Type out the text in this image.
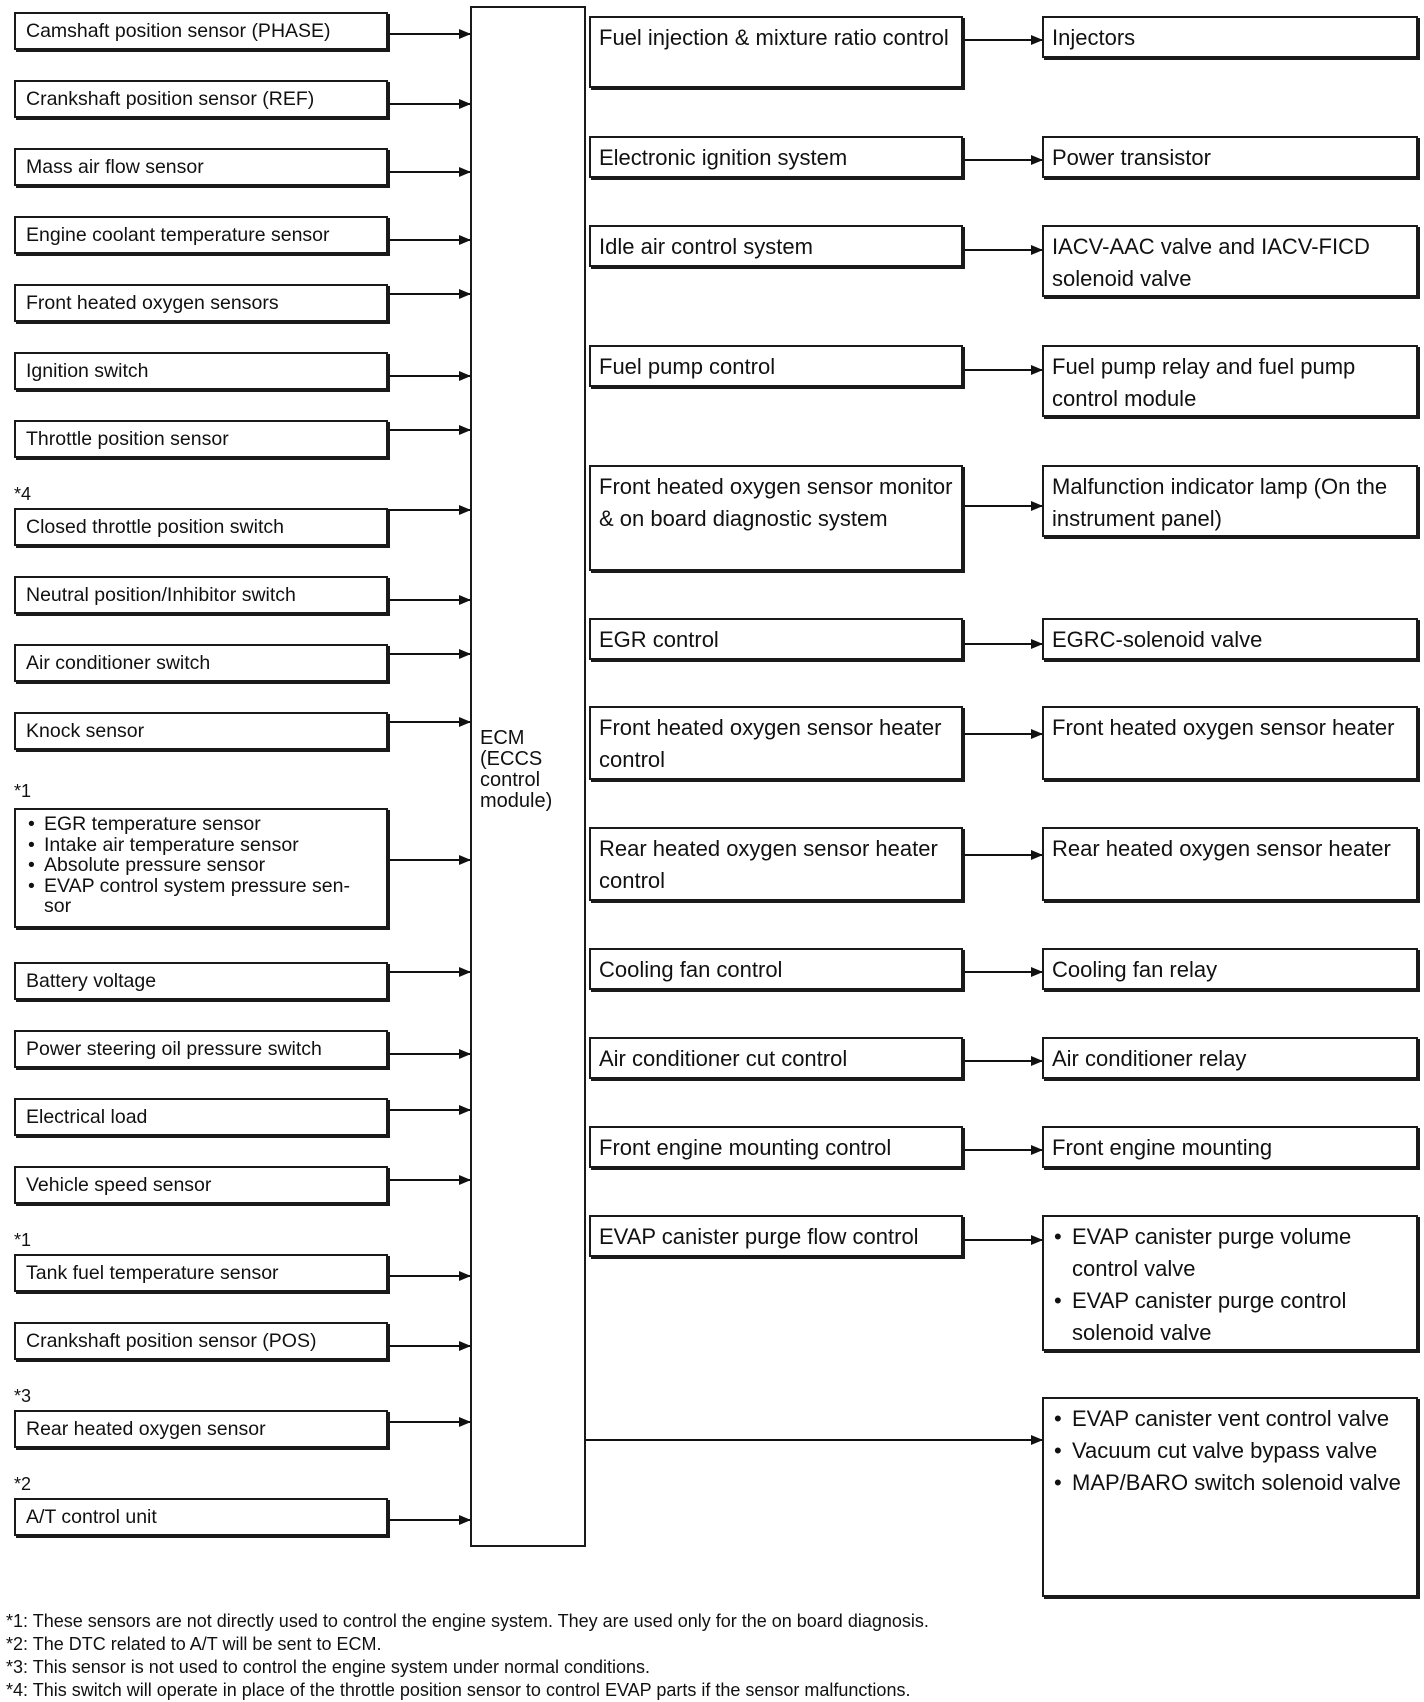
ECM
(ECCS
control
module)
Camshaft position sensor (PHASE)
Crankshaft position sensor (REF)
Mass air flow sensor
Engine coolant temperature sensor
Front heated oxygen sensors
Ignition switch
Throttle position sensor
*4
Closed throttle position switch
Neutral position/Inhibitor switch
Air conditioner switch
Knock sensor
*1
• EGR temperature sensor
• Intake air temperature sensor
• Absolute pressure sensor
• EVAP control system pressure sen-sor
Battery voltage
Power steering oil pressure switch
Electrical load
Vehicle speed sensor
*1
Tank fuel temperature sensor
Crankshaft position sensor (POS)
*3
Rear heated oxygen sensor
*2
A/T control unit
Fuel injection & mixture ratio control
Electronic ignition system
Idle air control system
Fuel pump control
Front heated oxygen sensor monitor & on board diagnostic system
EGR control
Front heated oxygen sensor heater control
Rear heated oxygen sensor heater control
Cooling fan control
Air conditioner cut control
Front engine mounting control
EVAP canister purge flow control
Injectors
Power transistor
IACV-AAC valve and IACV-FICD solenoid valve
Fuel pump relay and fuel pump control module
Malfunction indicator lamp (On the instrument panel)
EGRC-solenoid valve
Front heated oxygen sensor heater
Rear heated oxygen sensor heater
Cooling fan relay
Air conditioner relay
Front engine mounting
• EVAP canister purge volume control valve
• EVAP canister purge control solenoid valve
• EVAP canister vent control valve
• Vacuum cut valve bypass valve
• MAP/BARO switch solenoid valve
*1: These sensors are not directly used to control the engine system. They are used only for the on board diagnosis.
*2: The DTC related to A/T will be sent to ECM.
*3: This sensor is not used to control the engine system under normal conditions.
*4: This switch will operate in place of the throttle position sensor to control EVAP parts if the sensor malfunctions.
